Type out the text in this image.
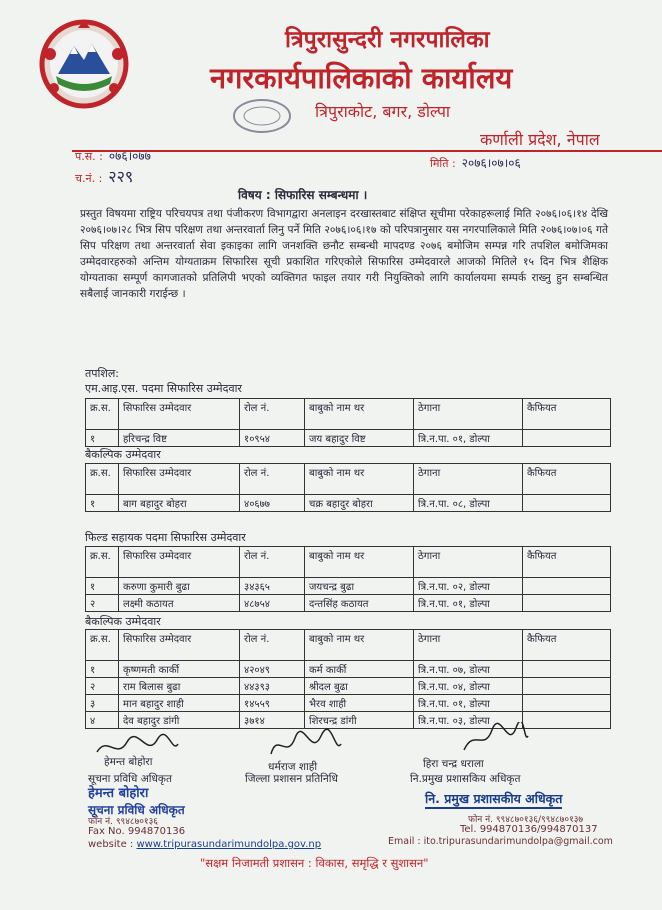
त्रिपुरासुन्दरी नगरपालिका
नगरकार्यपालिकाको कार्यालय
त्रिपुराकोट, बगर, डोल्पा
कर्णाली प्रदेश, नेपाल
प.स. : ०७६।०७७
च.नं. : २२९
मिति : २०७६।०७।०६
विषय : सिफारिस सम्बन्धमा ।
प्रस्तुत विषयमा राष्ट्रिय परिचयपत्र तथा पंजीकरण विभागद्वारा अनलाइन दरखास्तबाट संक्षिप्त सूचीमा परेकाहरूलाई मिति २०७६।०६।१४ देखि २०७६।०७।२८ भित्र सिप परिक्षण तथा अन्तरवार्ता लिनु पर्ने मिति २०७६।०६।१७ को परिपत्रानुसार यस नगरपालिकाले मिति २०७६।०७।०६ गते सिप परिक्षण तथा अन्तरवार्ता सेवा इकाइका लागि जनशक्ति छनौट सम्बन्धी मापदण्ड २०७६ बमोजिम सम्पन्न गरि तपशिल बमोजिमका उम्मेदवारहरुको अन्तिम योग्यताक्रम सिफारिस सूची प्रकाशित गरिएकोले सिफारिस उम्मेदवारले आजको मितिले १५ दिन भित्र शैक्षिक योग्यताका सम्पूर्ण कागजातको प्रतिलिपी भएको व्यक्तिगत फाइल तयार गरी नियुक्तिको लागि कार्यालयमा सम्पर्क राख्नु हुन सम्बन्धित सबैलाई जानकारी गराईन्छ ।
तपशिल:
एम.आइ.एस. पदमा सिफारिस उम्मेदवार
क्र.स.	सिफारिस उम्मेदवार	रोल नं.	बाबुको नाम थर	ठेगाना	कैफियत
१	हरिचन्द्र विष्ट	१०९५४	जय बहादुर विष्ट	त्रि.न.पा. ०१, डोल्पा	
बैकल्पिक उम्मेदवार
क्र.स.	सिफारिस उम्मेदवार	रोल नं.	बाबुको नाम थर	ठेगाना	कैफियत
१	बाग बहादुर बोहरा	४०६७७	चक्र बहादुर बोहरा	त्रि.न.पा. ०८, डोल्पा	
फिल्ड सहायक पदमा सिफारिस उम्मेदवार
क्र.स.	सिफारिस उम्मेदवार	रोल नं.	बाबुको नाम थर	ठेगाना	कैफियत
१	करुणा कुमारी बुढा	३४३६५	जयचन्द्र बुढा	त्रि.न.पा. ०२, डोल्पा	
२	लक्ष्मी कठायत	४८७५४	दन्तसिंह कठायत	त्रि.न.पा. ०१, डोल्पा	
बैकल्पिक उम्मेदवार
क्र.स.	सिफारिस उम्मेदवार	रोल नं.	बाबुको नाम थर	ठेगाना	कैफियत
१	कृष्णमती कार्की	४२०४९	कर्म कार्की	त्रि.न.पा. ०७, डोल्पा	
२	राम बिलास बुढा	४४३९३	श्रीदल बुढा	त्रि.न.पा. ०४, डोल्पा	
३	मान बहादुर शाही	१४५५९	भैरव शाही	त्रि.न.पा. ०१, डोल्पा	
४	देव बहादुर डांगी	३७१४	शिरचन्द्र डांगी	त्रि.न.पा. ०३, डोल्पा	
हेमन्त बोहोरा
सूचना प्रविधि अधिकृत
धर्मराज शाही
जिल्ला प्रशासन प्रतिनिधि
हिरा चन्द्र धराला
नि.प्रमुख प्रशासकिय अधिकृत
हेमन्त बोहोरा
सूचना प्रविधि अधिकृत
नि. प्रमुख प्रशासकीय अधिकृत
फोन नं. ९९४८७०१३६
Fax No. 994870136
website : www.tripurasundarimundolpa.gov.np
फोन नं. ९९४८७०१३६/९९४८७०१३७
Tel. 994870136/994870137
Email : ito.tripurasundarimundolpa@gmail.com
"सक्षम निजामती प्रशासन : विकास, समृद्धि र सुशासन"
